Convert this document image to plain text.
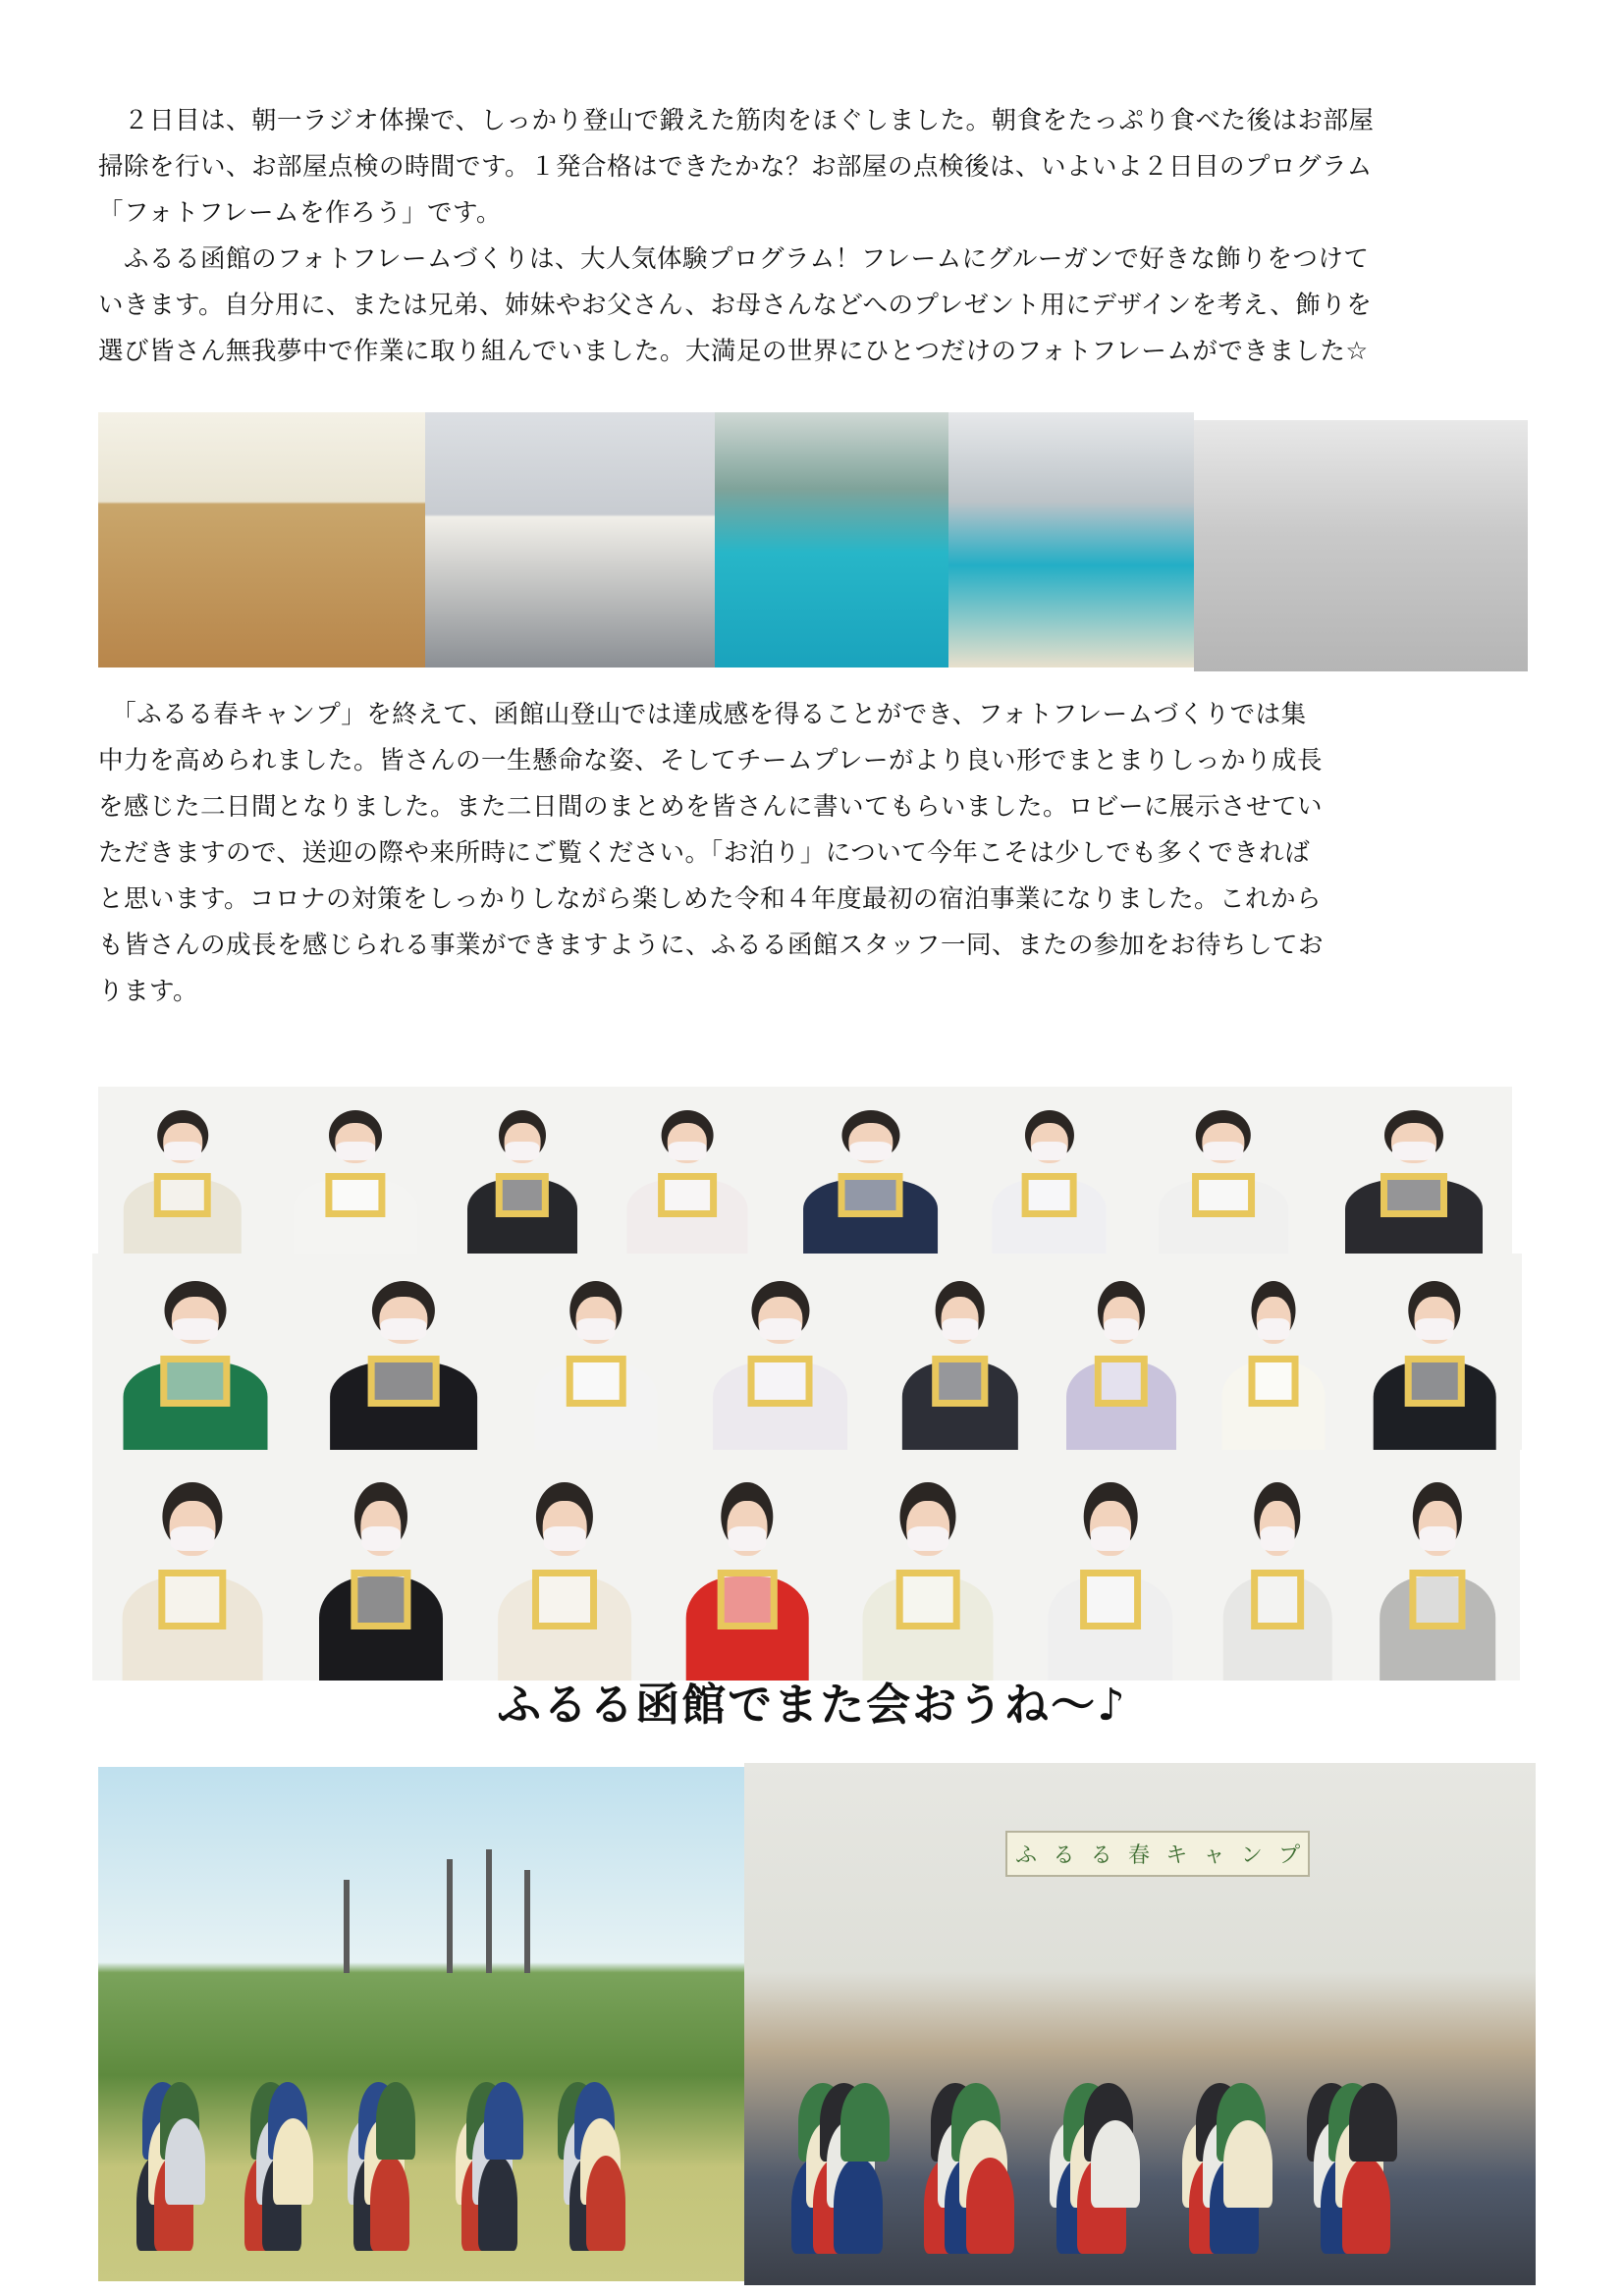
　２日目は、朝一ラジオ体操で、しっかり登山で鍛えた筋肉をほぐしました。朝食をたっぷり食べた後はお部屋
掃除を行い、お部屋点検の時間です。１発合格はできたかな？お部屋の点検後は、いよいよ２日目のプログラム
「フォトフレームを作ろう」です。
　ふるる函館のフォトフレームづくりは、大人気体験プログラム！フレームにグルーガンで好きな飾りをつけて
いきます。自分用に、または兄弟、姉妹やお父さん、お母さんなどへのプレゼント用にデザインを考え、飾りを
選び皆さん無我夢中で作業に取り組んでいました。大満足の世界にひとつだけのフォトフレームができました☆
　「ふるる春キャンプ」を終えて、函館山登山では達成感を得ることができ、フォトフレームづくりでは集
中力を高められました。皆さんの一生懸命な姿、そしてチームプレーがより良い形でまとまりしっかり成長
を感じた二日間となりました。また二日間のまとめを皆さんに書いてもらいました。ロビーに展示させてい
ただきますので、送迎の際や来所時にご覧ください。「お泊り」について今年こそは少しでも多くできれば
と思います。コロナの対策をしっかりしながら楽しめた令和４年度最初の宿泊事業になりました。これから
も皆さんの成長を感じられる事業ができますように、ふるる函館スタッフ一同、またの参加をお待ちしてお
ります。
ふるる函館でまた会おうね～♪
ふ る る 春 キ ャ ン プ
